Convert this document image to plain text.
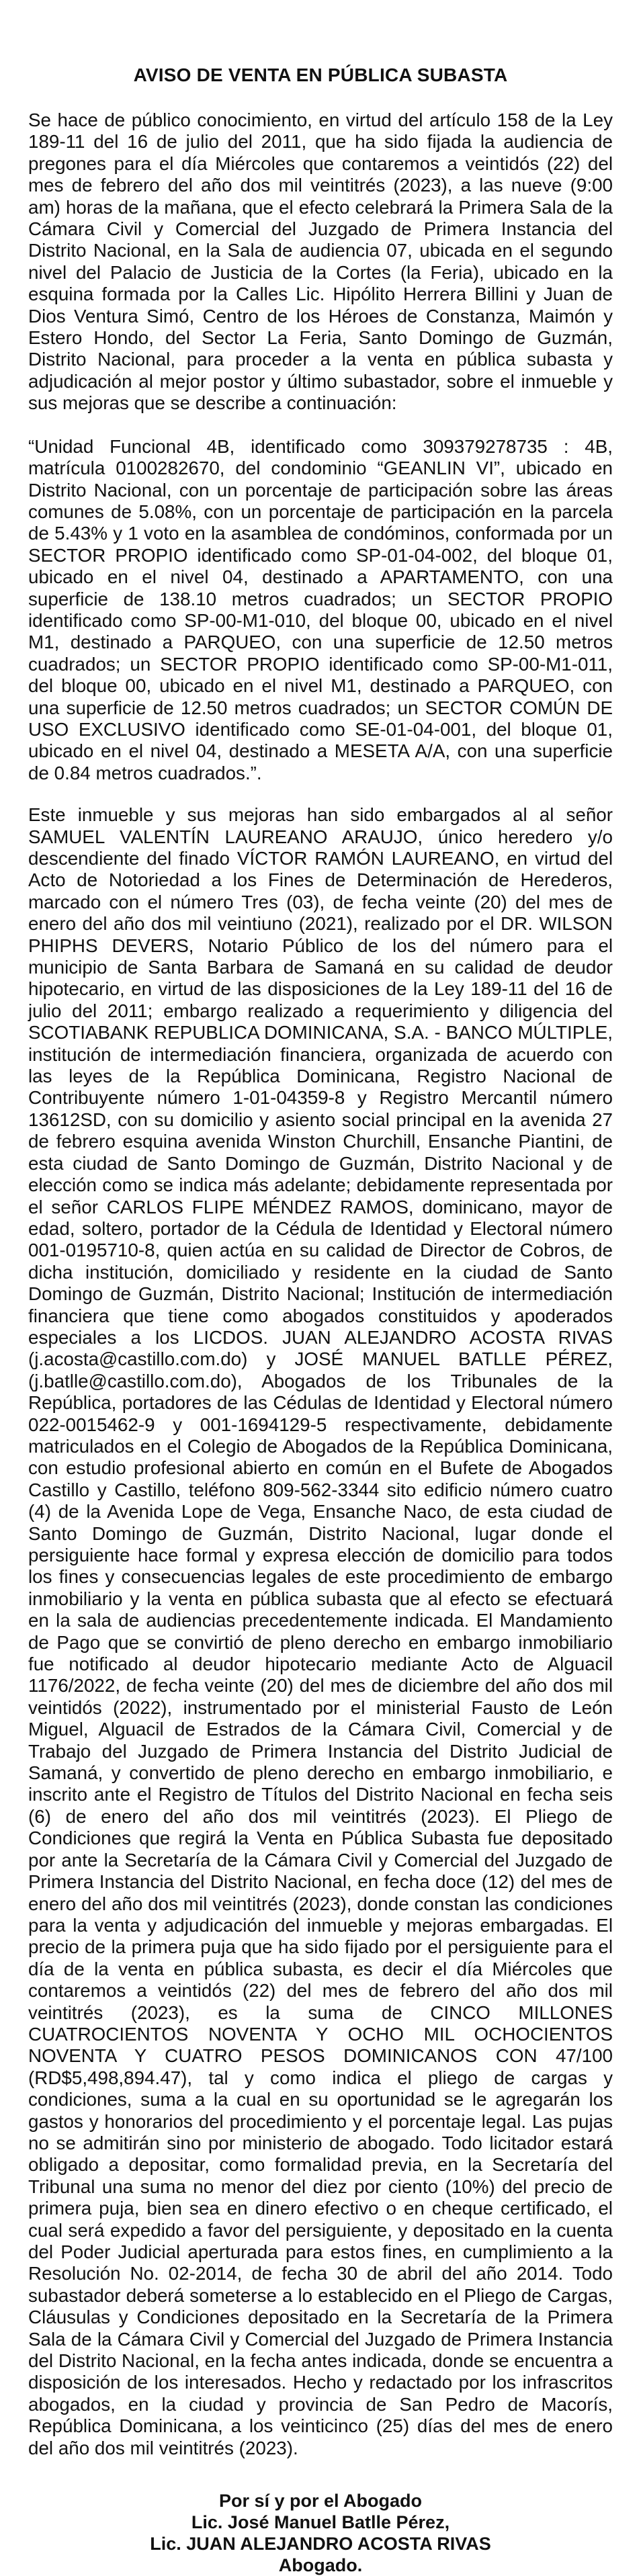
AVISO DE VENTA EN PÚBLICA SUBASTA

Se hace de público conocimiento, en virtud del artículo 158 de la Ley 189-11 del 16 de julio del 2011, que ha sido fijada la audiencia de pregones para el día Miércoles que contaremos a veintidós (22) del mes de febrero del año dos mil veintitrés (2023), a las nueve (9:00 am) horas de la mañana, que el efecto celebrará la Primera Sala de la Cámara Civil y Comercial del Juzgado de Primera Instancia del Distrito Nacional, en la Sala de audiencia 07, ubicada en el segundo nivel del Palacio de Justicia de la Cortes (la Feria), ubicado en la esquina formada por la Calles Lic. Hipólito Herrera Billini y Juan de Dios Ventura Simó, Centro de los Héroes de Constanza, Maimón y Estero Hondo, del Sector La Feria, Santo Domingo de Guzmán, Distrito Nacional, para proceder a la venta en pública subasta y adjudicación al mejor postor y último subastador, sobre el inmueble y sus mejoras que se describe a continuación:

“Unidad Funcional 4B, identificado como 309379278735 : 4B, matrícula 0100282670, del condominio “GEANLIN VI”, ubicado en Distrito Nacional, con un porcentaje de participación sobre las áreas comunes de 5.08%, con un porcentaje de participación en la parcela de 5.43% y 1 voto en la asamblea de condóminos, conformada por un SECTOR PROPIO identificado como SP-01-04-002, del bloque 01, ubicado en el nivel 04, destinado a APARTAMENTO, con una superficie de 138.10 metros cuadrados; un SECTOR PROPIO identificado como SP-00-M1-010, del bloque 00, ubicado en el nivel M1, destinado a PARQUEO, con una superficie de 12.50 metros cuadrados; un SECTOR PROPIO identificado como SP-00-M1-011, del bloque 00, ubicado en el nivel M1, destinado a PARQUEO, con una superficie de 12.50 metros cuadrados; un SECTOR COMÚN DE USO EXCLUSIVO identificado como SE-01-04-001, del bloque 01, ubicado en el nivel 04, destinado a MESETA A/A, con una superficie de 0.84 metros cuadrados.”.

Este inmueble y sus mejoras han sido embargados al al señor SAMUEL VALENTÍN LAUREANO ARAUJO, único heredero y/o descendiente del finado VÍCTOR RAMÓN LAUREANO, en virtud del Acto de Notoriedad a los Fines de Determinación de Herederos, marcado con el número Tres (03), de fecha veinte (20) del mes de enero del año dos mil veintiuno (2021), realizado por el DR. WILSON PHIPHS DEVERS, Notario Público de los del número para el municipio de Santa Barbara de Samaná en su calidad de deudor hipotecario, en virtud de las disposiciones de la Ley 189-11 del 16 de julio del 2011; embargo realizado a requerimiento y diligencia del SCOTIABANK REPUBLICA DOMINICANA, S.A. - BANCO MÚLTIPLE, institución de intermediación financiera, organizada de acuerdo con las leyes de la República Dominicana, Registro Nacional de Contribuyente número 1-01-04359-8 y Registro Mercantil número 13612SD, con su domicilio y asiento social principal en la avenida 27 de febrero esquina avenida Winston Churchill, Ensanche Piantini, de esta ciudad de Santo Domingo de Guzmán, Distrito Nacional y de elección como se indica más adelante; debidamente representada por el señor CARLOS FLIPE MÉNDEZ RAMOS, dominicano, mayor de edad, soltero, portador de la Cédula de Identidad y Electoral número 001-0195710-8, quien actúa en su calidad de Director de Cobros, de dicha institución, domiciliado y residente en la ciudad de Santo Domingo de Guzmán, Distrito Nacional; Institución de intermediación financiera que tiene como abogados constituidos y apoderados especiales a los LICDOS. JUAN ALEJANDRO ACOSTA RIVAS (j.acosta@castillo.com.do) y JOSÉ MANUEL BATLLE PÉREZ, (j.batlle@castillo.com.do), Abogados de los Tribunales de la República, portadores de las Cédulas de Identidad y Electoral número 022-0015462-9 y 001-1694129-5 respectivamente, debidamente matriculados en el Colegio de Abogados de la República Dominicana, con estudio profesional abierto en común en el Bufete de Abogados Castillo y Castillo, teléfono 809-562-3344 sito edificio número cuatro (4) de la Avenida Lope de Vega, Ensanche Naco, de esta ciudad de Santo Domingo de Guzmán, Distrito Nacional, lugar donde el persiguiente hace formal y expresa elección de domicilio para todos los fines y consecuencias legales de este procedimiento de embargo inmobiliario y la venta en pública subasta que al efecto se efectuará en la sala de audiencias precedentemente indicada. El Mandamiento de Pago que se convirtió de pleno derecho en embargo inmobiliario fue notificado al deudor hipotecario mediante Acto de Alguacil 1176/2022, de fecha veinte (20) del mes de diciembre del año dos mil veintidós (2022), instrumentado por el ministerial Fausto de León Miguel, Alguacil de Estrados de la Cámara Civil, Comercial y de Trabajo del Juzgado de Primera Instancia del Distrito Judicial de Samaná, y convertido de pleno derecho en embargo inmobiliario, e inscrito ante el Registro de Títulos del Distrito Nacional en fecha seis (6) de enero del año dos mil veintitrés (2023). El Pliego de Condiciones que regirá la Venta en Pública Subasta fue depositado por ante la Secretaría de la Cámara Civil y Comercial del Juzgado de Primera Instancia del Distrito Nacional, en fecha doce (12) del mes de enero del año dos mil veintitrés (2023), donde constan las condiciones para la venta y adjudicación del inmueble y mejoras embargadas. El precio de la primera puja que ha sido fijado por el persiguiente para el día de la venta en pública subasta, es decir el día Miércoles que contaremos a veintidós (22) del mes de febrero del año dos mil veintitrés (2023), es la suma de CINCO MILLONES CUATROCIENTOS NOVENTA Y OCHO MIL OCHOCIENTOS NOVENTA Y CUATRO PESOS DOMINICANOS CON 47/100 (RD$5,498,894.47), tal y como indica el pliego de cargas y condiciones, suma a la cual en su oportunidad se le agregarán los gastos y honorarios del procedimiento y el porcentaje legal. Las pujas no se admitirán sino por ministerio de abogado. Todo licitador estará obligado a depositar, como formalidad previa, en la Secretaría del Tribunal una suma no menor del diez por ciento (10%) del precio de primera puja, bien sea en dinero efectivo o en cheque certificado, el cual será expedido a favor del persiguiente, y depositado en la cuenta del Poder Judicial aperturada para estos fines, en cumplimiento a la Resolución No. 02-2014, de fecha 30 de abril del año 2014. Todo subastador deberá someterse a lo establecido en el Pliego de Cargas, Cláusulas y Condiciones depositado en la Secretaría de la Primera Sala de la Cámara Civil y Comercial del Juzgado de Primera Instancia del Distrito Nacional, en la fecha antes indicada, donde se encuentra a disposición de los interesados. Hecho y redactado por los infrascritos abogados, en la ciudad y provincia de San Pedro de Macorís, República Dominicana, a los veinticinco (25) días del mes de enero del año dos mil veintitrés (2023).

Por sí y por el Abogado
Lic. José Manuel Batlle Pérez,
Lic. JUAN ALEJANDRO ACOSTA RIVAS
Abogado.
